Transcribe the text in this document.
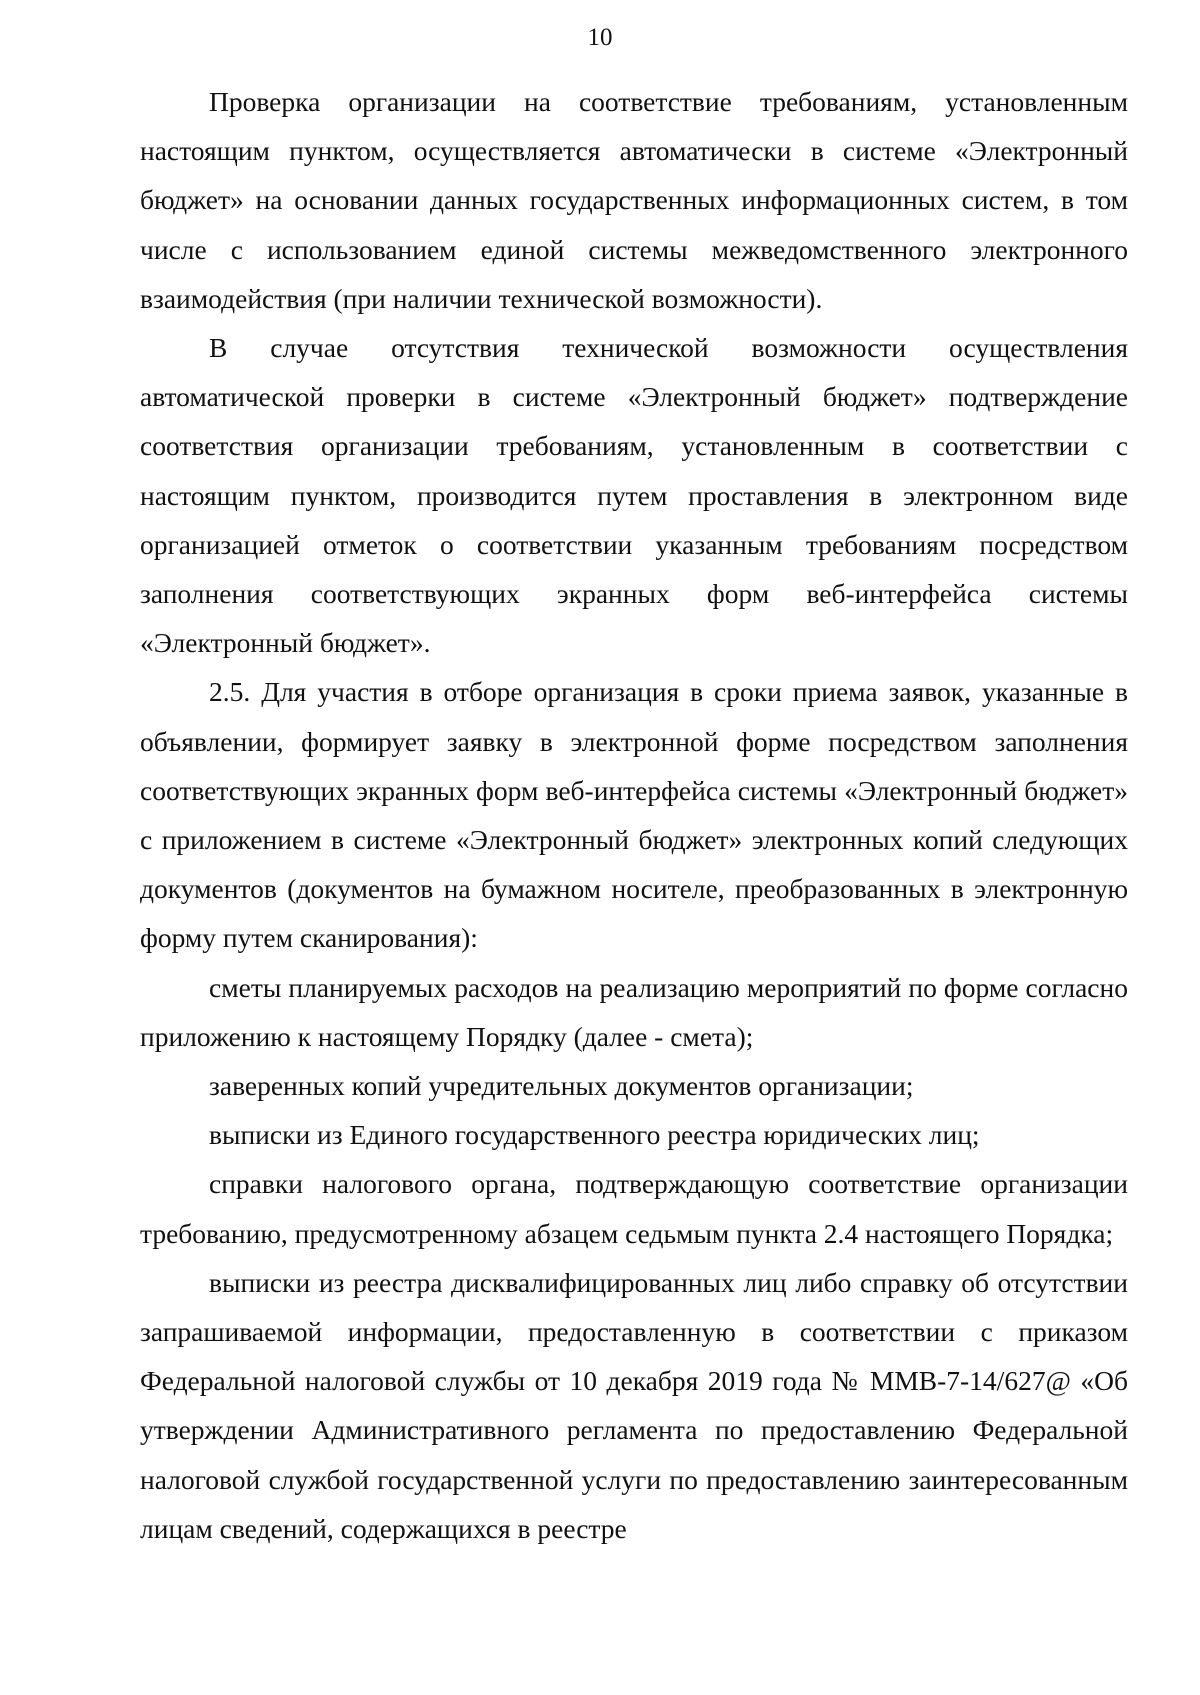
10

Проверка организации на соответствие требованиям, установленным настоящим пунктом, осуществляется автоматически в системе «Электронный бюджет» на основании данных государственных информационных систем, в том числе с использованием единой системы межведомственного электронного взаимодействия (при наличии технической возможности).

В случае отсутствия технической возможности осуществления автоматической проверки в системе «Электронный бюджет» подтверждение соответствия организации требованиям, установленным в соответствии с настоящим пунктом, производится путем проставления в электронном виде организацией отметок о соответствии указанным требованиям посредством заполнения соответствующих экранных форм веб-интерфейса системы «Электронный бюджет».

2.5. Для участия в отборе организация в сроки приема заявок, указанные в объявлении, формирует заявку в электронной форме посредством заполнения соответствующих экранных форм веб-интерфейса системы «Электронный бюджет» с приложением в системе «Электронный бюджет» электронных копий следующих документов (документов на бумажном носителе, преобразованных в электронную форму путем сканирования):

сметы планируемых расходов на реализацию мероприятий по форме согласно приложению к настоящему Порядку (далее - смета);

заверенных копий учредительных документов организации;

выписки из Единого государственного реестра юридических лиц;

справки налогового органа, подтверждающую соответствие организации требованию, предусмотренному абзацем седьмым пункта 2.4 настоящего Порядка;

выписки из реестра дисквалифицированных лиц либо справку об отсутствии запрашиваемой информации, предоставленную в соответствии с приказом Федеральной налоговой службы от 10 декабря 2019 года № ММВ-7-14/627@ «Об утверждении Административного регламента по предоставлению Федеральной налоговой службой государственной услуги по предоставлению заинтересованным лицам сведений, содержащихся в реестре
